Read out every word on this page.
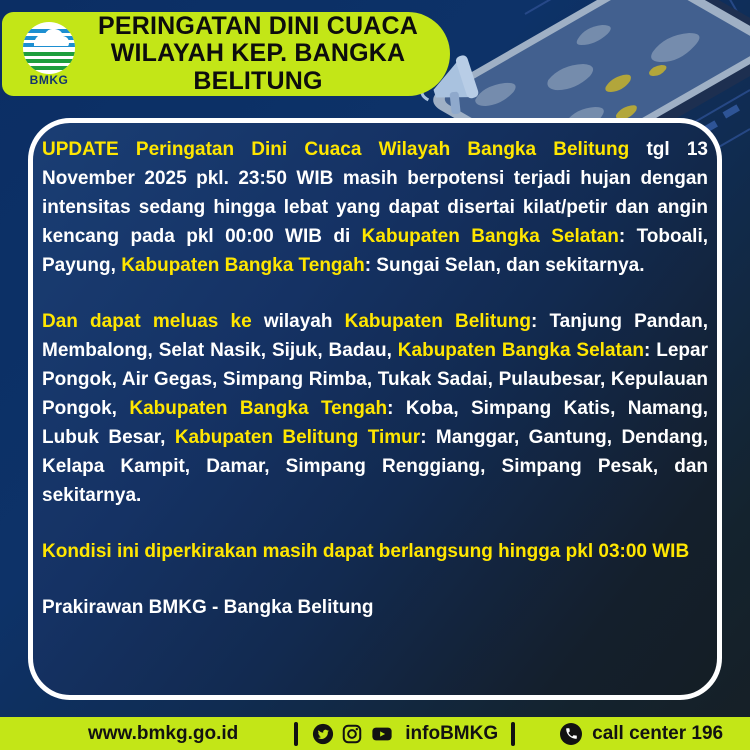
BMKG
PERINGATAN DINI CUACA
WILAYAH KEP. BANGKA BELITUNG

UPDATE Peringatan Dini Cuaca Wilayah Bangka Belitung tgl 13 November 2025 pkl. 23:50 WIB masih berpotensi terjadi hujan dengan intensitas sedang hingga lebat yang dapat disertai kilat/petir dan angin kencang pada pkl 00:00 WIB di Kabupaten Bangka Selatan: Toboali, Payung, Kabupaten Bangka Tengah: Sungai Selan, dan sekitarnya.

Dan dapat meluas ke wilayah Kabupaten Belitung: Tanjung Pandan, Membalong, Selat Nasik, Sijuk, Badau, Kabupaten Bangka Selatan: Lepar Pongok, Air Gegas, Simpang Rimba, Tukak Sadai, Pulaubesar, Kepulauan Pongok, Kabupaten Bangka Tengah: Koba, Simpang Katis, Namang, Lubuk Besar, Kabupaten Belitung Timur: Manggar, Gantung, Dendang, Kelapa Kampit, Damar, Simpang Renggiang, Simpang Pesak, dan sekitarnya.

Kondisi ini diperkirakan masih dapat berlangsung hingga pkl 03:00 WIB

Prakirawan BMKG - Bangka Belitung

www.bmkg.go.id	infoBMKG	call center 196
